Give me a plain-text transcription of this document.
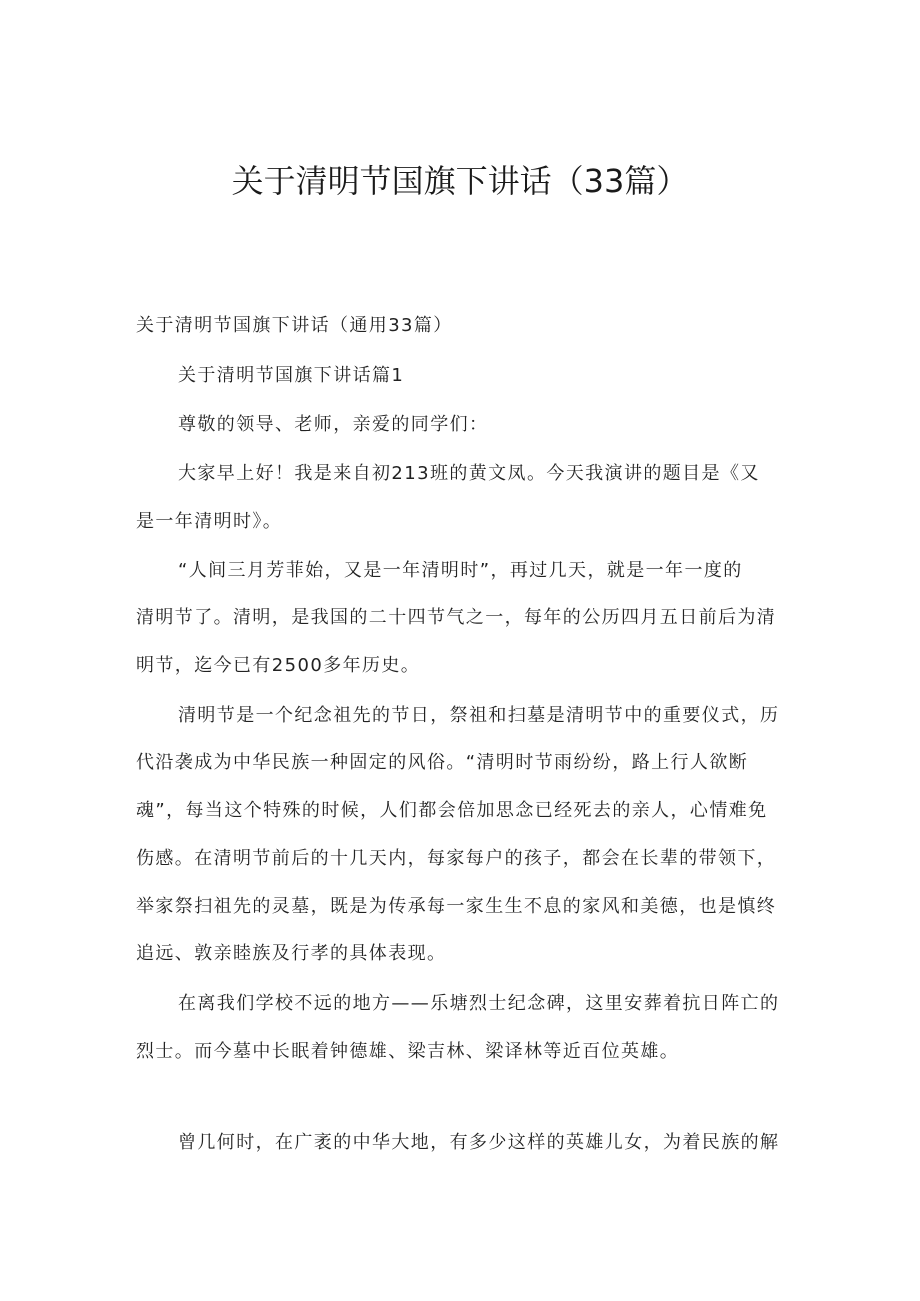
关于清明节国旗下讲话（33篇）
关于清明节国旗下讲话（通用33篇）
关于清明节国旗下讲话篇1
尊敬的领导、老师，亲爱的同学们：
大家早上好！我是来自初213班的黄文凤。今天我演讲的题目是《又
是一年清明时》。
“人间三月芳菲始，又是一年清明时”，再过几天，就是一年一度的
清明节了。清明，是我国的二十四节气之一，每年的公历四月五日前后为清
明节，迄今已有2500多年历史。
清明节是一个纪念祖先的节日，祭祖和扫墓是清明节中的重要仪式，历
代沿袭成为中华民族一种固定的风俗。“清明时节雨纷纷，路上行人欲断
魂”，每当这个特殊的时候，人们都会倍加思念已经死去的亲人，心情难免
伤感。在清明节前后的十几天内，每家每户的孩子，都会在长辈的带领下，
举家祭扫祖先的灵墓，既是为传承每一家生生不息的家风和美德，也是慎终
追远、敦亲睦族及行孝的具体表现。
在离我们学校不远的地方——乐塘烈士纪念碑，这里安葬着抗日阵亡的
烈士。而今墓中长眠着钟德雄、梁吉林、梁译林等近百位英雄。
曾几何时，在广袤的中华大地，有多少这样的英雄儿女，为着民族的解
